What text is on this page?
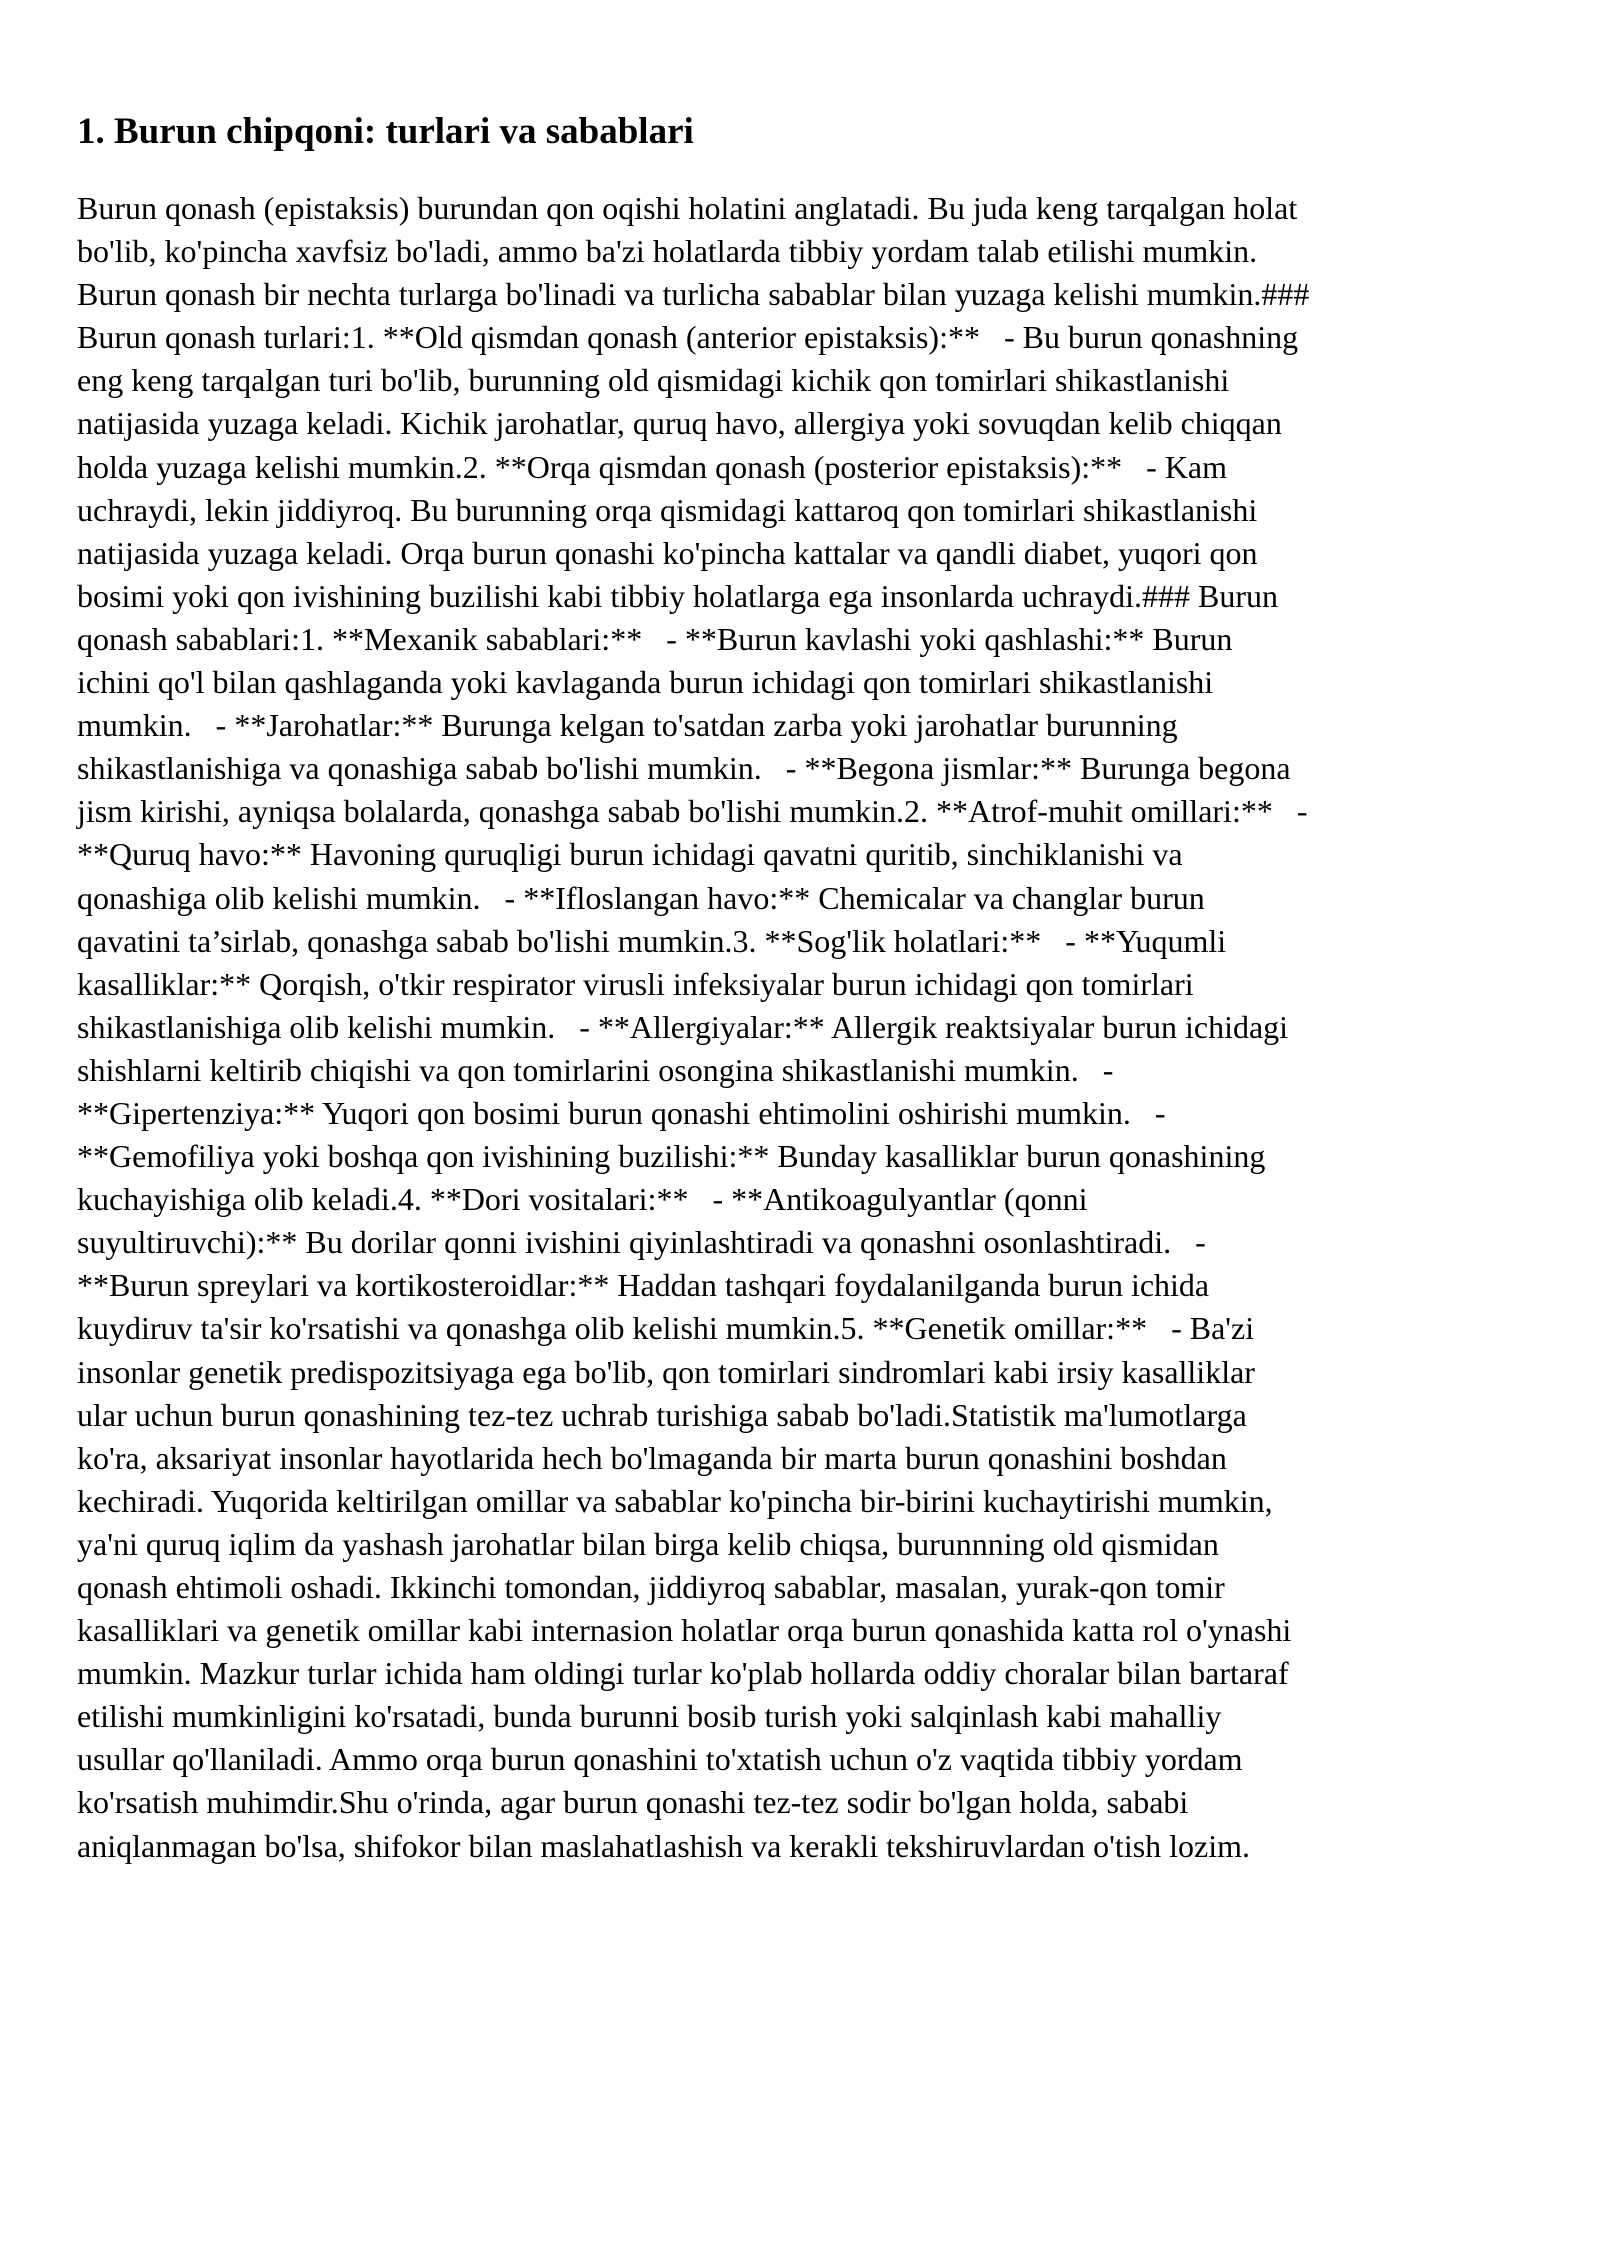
1. Burun chipqoni: turlari va sabablari
Burun qonash (epistaksis) burundan qon oqishi holatini anglatadi. Bu juda keng tarqalgan holat
bo'lib, ko'pincha xavfsiz bo'ladi, ammo ba'zi holatlarda tibbiy yordam talab etilishi mumkin.
Burun qonash bir nechta turlarga bo'linadi va turlicha sabablar bilan yuzaga kelishi mumkin.###
Burun qonash turlari:1. **Old qismdan qonash (anterior epistaksis):**   - Bu burun qonashning
eng keng tarqalgan turi bo'lib, burunning old qismidagi kichik qon tomirlari shikastlanishi
natijasida yuzaga keladi. Kichik jarohatlar, quruq havo, allergiya yoki sovuqdan kelib chiqqan
holda yuzaga kelishi mumkin.2. **Orqa qismdan qonash (posterior epistaksis):**   - Kam
uchraydi, lekin jiddiyroq. Bu burunning orqa qismidagi kattaroq qon tomirlari shikastlanishi
natijasida yuzaga keladi. Orqa burun qonashi ko'pincha kattalar va qandli diabet, yuqori qon
bosimi yoki qon ivishining buzilishi kabi tibbiy holatlarga ega insonlarda uchraydi.### Burun
qonash sabablari:1. **Mexanik sabablari:**   - **Burun kavlashi yoki qashlashi:** Burun
ichini qo'l bilan qashlaganda yoki kavlaganda burun ichidagi qon tomirlari shikastlanishi
mumkin.   - **Jarohatlar:** Burunga kelgan to'satdan zarba yoki jarohatlar burunning
shikastlanishiga va qonashiga sabab bo'lishi mumkin.   - **Begona jismlar:** Burunga begona
jism kirishi, ayniqsa bolalarda, qonashga sabab bo'lishi mumkin.2. **Atrof-muhit omillari:**   -
**Quruq havo:** Havoning quruqligi burun ichidagi qavatni quritib, sinchiklanishi va
qonashiga olib kelishi mumkin.   - **Ifloslangan havo:** Chemicalar va changlar burun
qavatini ta’sirlab, qonashga sabab bo'lishi mumkin.3. **Sog'lik holatlari:**   - **Yuqumli
kasalliklar:** Qorqish, o'tkir respirator virusli infeksiyalar burun ichidagi qon tomirlari
shikastlanishiga olib kelishi mumkin.   - **Allergiyalar:** Allergik reaktsiyalar burun ichidagi
shishlarni keltirib chiqishi va qon tomirlarini osongina shikastlanishi mumkin.   -
**Gipertenziya:** Yuqori qon bosimi burun qonashi ehtimolini oshirishi mumkin.   -
**Gemofiliya yoki boshqa qon ivishining buzilishi:** Bunday kasalliklar burun qonashining
kuchayishiga olib keladi.4. **Dori vositalari:**   - **Antikoagulyantlar (qonni
suyultiruvchi):** Bu dorilar qonni ivishini qiyinlashtiradi va qonashni osonlashtiradi.   -
**Burun spreylari va kortikosteroidlar:** Haddan tashqari foydalanilganda burun ichida
kuydiruv ta'sir ko'rsatishi va qonashga olib kelishi mumkin.5. **Genetik omillar:**   - Ba'zi
insonlar genetik predispozitsiyaga ega bo'lib, qon tomirlari sindromlari kabi irsiy kasalliklar
ular uchun burun qonashining tez-tez uchrab turishiga sabab bo'ladi.Statistik ma'lumotlarga
ko'ra, aksariyat insonlar hayotlarida hech bo'lmaganda bir marta burun qonashini boshdan
kechiradi. Yuqorida keltirilgan omillar va sabablar ko'pincha bir-birini kuchaytirishi mumkin,
ya'ni quruq iqlim da yashash jarohatlar bilan birga kelib chiqsa, burunnning old qismidan
qonash ehtimoli oshadi. Ikkinchi tomondan, jiddiyroq sabablar, masalan, yurak-qon tomir
kasalliklari va genetik omillar kabi internasion holatlar orqa burun qonashida katta rol o'ynashi
mumkin. Mazkur turlar ichida ham oldingi turlar ko'plab hollarda oddiy choralar bilan bartaraf
etilishi mumkinligini ko'rsatadi, bunda burunni bosib turish yoki salqinlash kabi mahalliy
usullar qo'llaniladi. Ammo orqa burun qonashini to'xtatish uchun o'z vaqtida tibbiy yordam
ko'rsatish muhimdir.Shu o'rinda, agar burun qonashi tez-tez sodir bo'lgan holda, sababi
aniqlanmagan bo'lsa, shifokor bilan maslahatlashish va kerakli tekshiruvlardan o'tish lozim.
